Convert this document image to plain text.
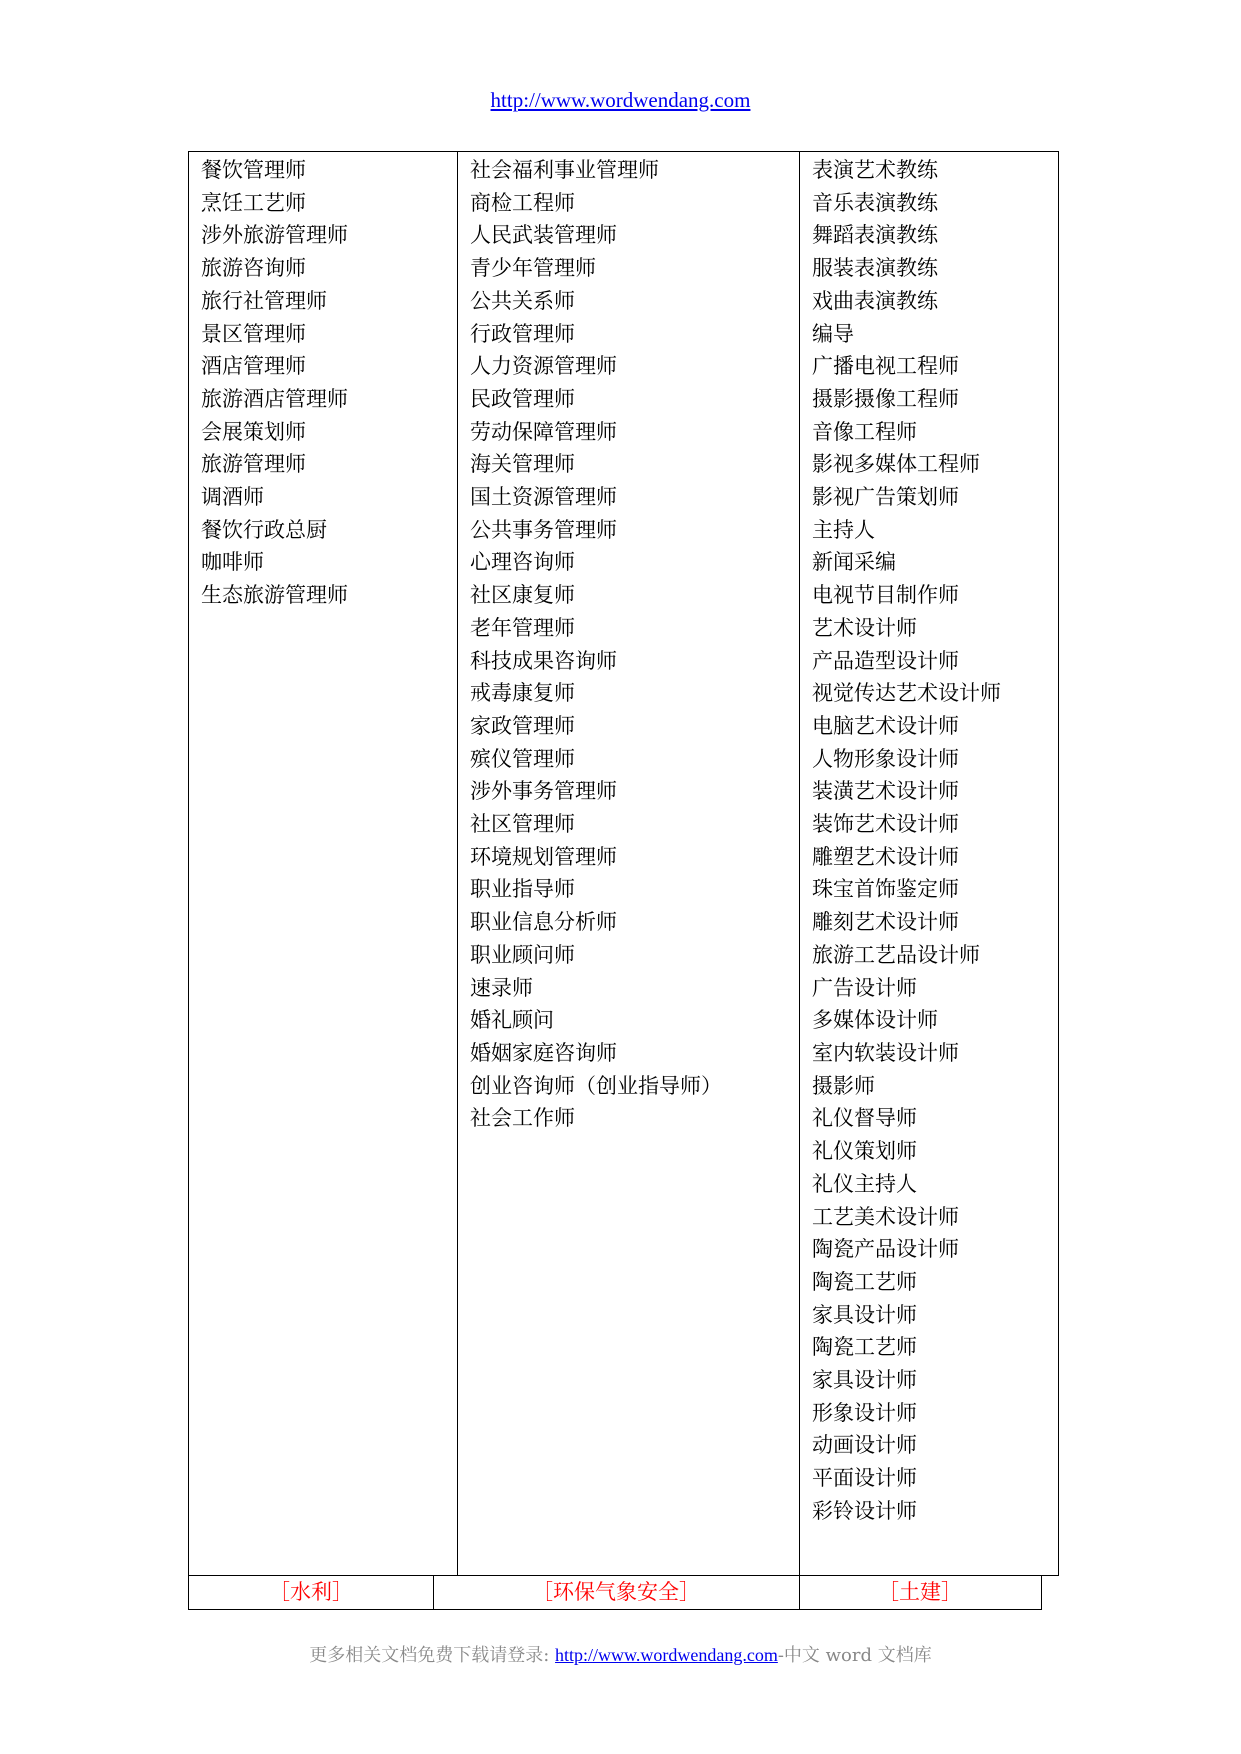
http://www.wordwendang.com
餐饮管理师
烹饪工艺师
涉外旅游管理师
旅游咨询师
旅行社管理师
景区管理师
酒店管理师
旅游酒店管理师
会展策划师
旅游管理师
调酒师
餐饮行政总厨
咖啡师
生态旅游管理师
社会福利事业管理师
商检工程师
人民武装管理师
青少年管理师
公共关系师
行政管理师
人力资源管理师
民政管理师
劳动保障管理师
海关管理师
国土资源管理师
公共事务管理师
心理咨询师
社区康复师
老年管理师
科技成果咨询师
戒毒康复师
家政管理师
殡仪管理师
涉外事务管理师
社区管理师
环境规划管理师
职业指导师
职业信息分析师
职业顾问师
速录师
婚礼顾问
婚姻家庭咨询师
创业咨询师（创业指导师）
社会工作师
表演艺术教练
音乐表演教练
舞蹈表演教练
服装表演教练
戏曲表演教练
编导
广播电视工程师
摄影摄像工程师
音像工程师
影视多媒体工程师
影视广告策划师
主持人
新闻采编
电视节目制作师
艺术设计师
产品造型设计师
视觉传达艺术设计师
电脑艺术设计师
人物形象设计师
装潢艺术设计师
装饰艺术设计师
雕塑艺术设计师
珠宝首饰鉴定师
雕刻艺术设计师
旅游工艺品设计师
广告设计师
多媒体设计师
室内软装设计师
摄影师
礼仪督导师
礼仪策划师
礼仪主持人
工艺美术设计师
陶瓷产品设计师
陶瓷工艺师
家具设计师
陶瓷工艺师
家具设计师
形象设计师
动画设计师
平面设计师
彩铃设计师
［水利］	［环保气象安全］	［土建］
更多相关文档免费下载请登录: http://www.wordwendang.com-中文 word 文档库
